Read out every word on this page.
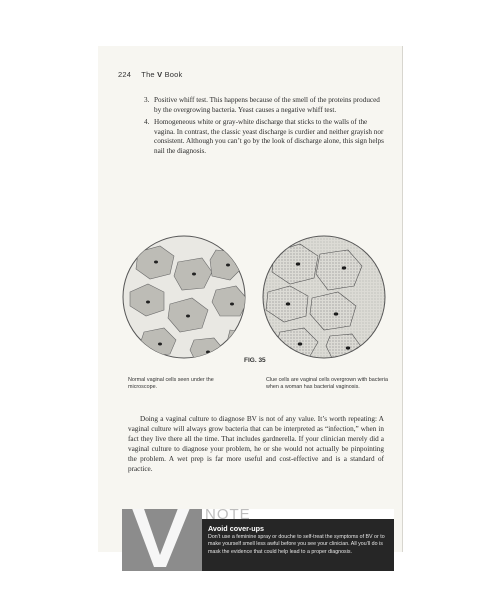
224 The V Book
3. Positive whiff test. This happens because of the smell of the proteins produced by the overgrowing bacteria. Yeast causes a negative whiff test.
4. Homogeneous white or gray-white discharge that sticks to the walls of the vagina. In contrast, the classic yeast discharge is curdier and neither grayish nor consistent. Although you can’t go by the look of discharge alone, this sign helps nail the diagnosis.
FIG. 35
Normal vaginal cells seen under the microscope.
Clue cells are vaginal cells overgrown with bacteria when a woman has bacterial vaginosis.

Doing a vaginal culture to diagnose BV is not of any value. It’s worth repeating: A vaginal culture will always grow bacteria that can be interpreted as “infection,” when in fact they live there all the time. That includes gardnerella. If your clinician merely did a vaginal culture to diagnose your problem, he or she would not actually be pinpointing the problem. A wet prep is far more useful and cost-effective and is a standard of practice.

NOTE
Avoid cover-ups

Don’t use a feminine spray or douche to self-treat the symptoms of BV or to make yourself smell less awful before you see your clinician. All you’ll do is mask the evidence that could help lead to a proper diagnosis.
